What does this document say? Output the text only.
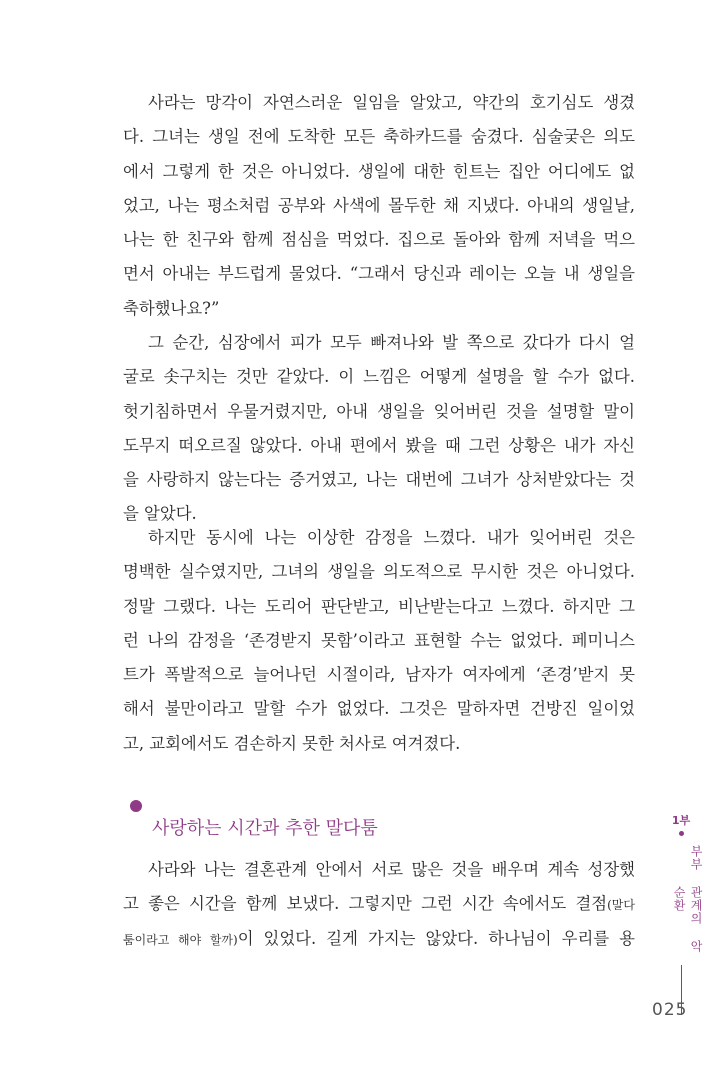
사라는 망각이 자연스러운 일임을 알았고, 약간의 호기심도 생겼
다. 그녀는 생일 전에 도착한 모든 축하카드를 숨겼다. 심술궂은 의도
에서 그렇게 한 것은 아니었다. 생일에 대한 힌트는 집안 어디에도 없
었고, 나는 평소처럼 공부와 사색에 몰두한 채 지냈다. 아내의 생일날,
나는 한 친구와 함께 점심을 먹었다. 집으로 돌아와 함께 저녁을 먹으
면서 아내는 부드럽게 물었다. “그래서 당신과 레이는 오늘 내 생일을
축하했나요?”
그 순간, 심장에서 피가 모두 빠져나와 발 쪽으로 갔다가 다시 얼
굴로 솟구치는 것만 같았다. 이 느낌은 어떻게 설명을 할 수가 없다.
헛기침하면서 우물거렸지만, 아내 생일을 잊어버린 것을 설명할 말이
도무지 떠오르질 않았다. 아내 편에서 봤을 때 그런 상황은 내가 자신
을 사랑하지 않는다는 증거였고, 나는 대번에 그녀가 상처받았다는 것
을 알았다.
하지만 동시에 나는 이상한 감정을 느꼈다. 내가 잊어버린 것은
명백한 실수였지만, 그녀의 생일을 의도적으로 무시한 것은 아니었다.
정말 그랬다. 나는 도리어 판단받고, 비난받는다고 느꼈다. 하지만 그
런 나의 감정을 ‘존경받지 못함’이라고 표현할 수는 없었다. 페미니스
트가 폭발적으로 늘어나던 시절이라, 남자가 여자에게 ‘존경’받지 못
해서 불만이라고 말할 수가 없었다. 그것은 말하자면 건방진 일이었
고, 교회에서도 겸손하지 못한 처사로 여겨졌다.
사랑하는 시간과 추한 말다툼
사라와 나는 결혼관계 안에서 서로 많은 것을 배우며 계속 성장했
고 좋은 시간을 함께 보냈다. 그렇지만 그런 시간 속에서도 결점(말다
툼이라고 해야 할까)이 있었다. 길게 가지는 않았다. 하나님이 우리를 용
1부
부부 관계의 악순환
025
